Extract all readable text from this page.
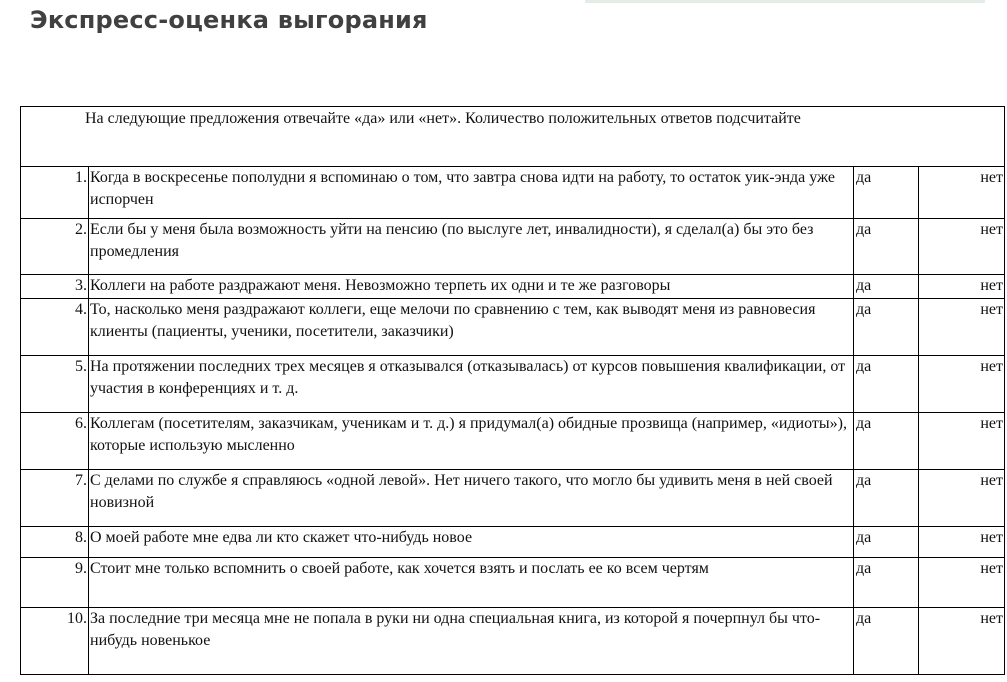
Экспресс-оценка выгорания
На следующие предложения отвечайте «да» или «нет». Количество положительных ответов подсчитайте			
1.	Когда в воскресенье пополудни я вспоминаю о том, что завтра снова идти на работу, то остаток уик-энда уже испорчен	да	нет
2.	Если бы у меня была возможность уйти на пенсию (по выслуге лет, инвалидности), я сделал(а) бы это без промедления	да	нет
3.	Коллеги на работе раздражают меня. Невозможно терпеть их одни и те же разговоры	да	нет
4.	То, насколько меня раздражают коллеги, еще мелочи по сравнению с тем, как выводят меня из равновесия клиенты (пациенты, ученики, посетители, заказчики)	да	нет
5.	На протяжении последних трех месяцев я отказывался (отказывалась) от курсов повышения квалификации, от участия в конференциях и т. д.	да	нет
6.	Коллегам (посетителям, заказчикам, ученикам и т. д.) я придумал(а) обидные прозвища (например, «идиоты»), которые использую мысленно	да	нет
7.	С делами по службе я справляюсь «одной левой». Нет ничего такого, что могло бы удивить меня в ней своей новизной	да	нет
8.	О моей работе мне едва ли кто скажет что-нибудь новое	да	нет
9.	Стоит мне только вспомнить о своей работе, как хочется взять и послать ее ко всем чертям	да	нет
10.	За последние три месяца мне не попала в руки ни одна специальная книга, из которой я почерпнул бы что-нибудь новенькое	да	нет
